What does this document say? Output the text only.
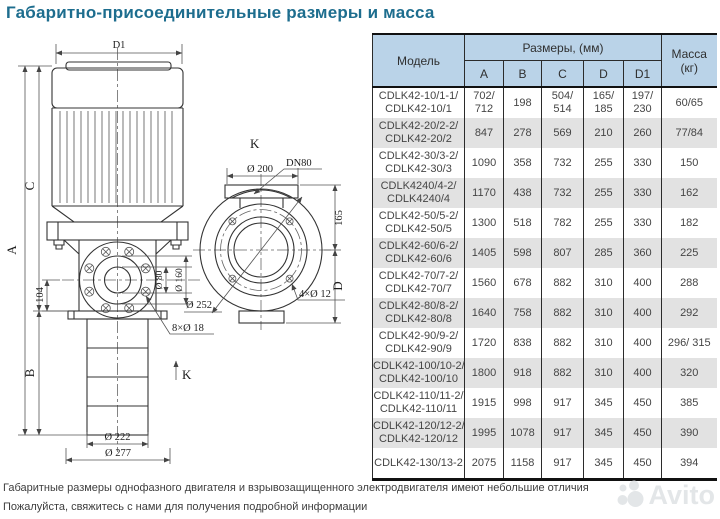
Габаритно-присоединительные размеры и масса
D1
A
C
B
104
Ø 80 Ø 160
Ø 222
Ø 277
8×Ø 18
K
K
Ø 200
DN80
Ø 252
165
D
4×Ø 12
Модель	Размеры, (мм)					Масса
(кг)

	A	B	C	D	D1	

CDLK42-10/1-1/
CDLK42-10/1	702/ 712	198	504/ 514	165/ 185	197/ 230	60/65

CDLK42-20/2-2/
CDLK42-20/2	847	278	569	210	260	77/84

CDLK42-30/3-2/
CDLK42-30/3	1090	358	732	255	330	150

CDLK4240/4-2/
CDLK4240/4	1170	438	732	255	330	162

CDLK42-50/5-2/
CDLK42-50/5	1300	518	782	255	330	182

CDLK42-60/6-2/
CDLK42-60/6	1405	598	807	285	360	225

CDLK42-70/7-2/
CDLK42-70/7	1560	678	882	310	400	288

CDLK42-80/8-2/
CDLK42-80/8	1640	758	882	310	400	292

CDLK42-90/9-2/
CDLK42-90/9	1720	838	882	310	400	296/ 315

CDLK42-100/10-2/
CDLK42-100/10	1800	918	882	310	400	320

CDLK42-110/11-2/
CDLK42-110/11	1915	998	917	345	450	385

CDLK42-120/12-2/
CDLK42-120/12	1995	1078	917	345	450	390

CDLK42-130/13-2	2075	1158	917	345	450	394
Габаритные размеры однофазного двигателя и взрывозащищенного электродвигателя имеют небольшие отличия
Пожалуйста, свяжитесь с нами для получения подробной информации	Avito
